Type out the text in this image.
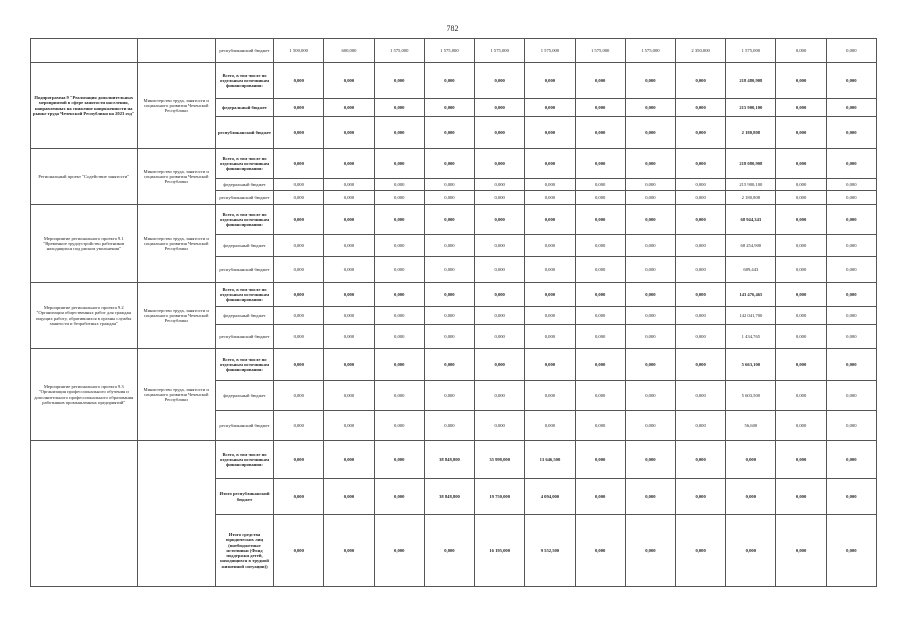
782
		республиканский бюджет	1 500,000	600,000	1 575,000	1 575,000	1 575,000	1 575,000	1 575,000	1 575,000	2 350,000	1 575,000	0,000	0,000
Подпрограмма 9 "Реализация дополнительных мероприятий в сфере занятости населения, направленных на снижение напряженности на рынке труда Чеченской Республики на 2023 год"	Министерство труда, занятости и социального развития Чеченской Республики	Всего, в том числе по отдельным источникам финансирования:	0,000	0,000	0,000	0,000	0,000	0,000	0,000	0,000	0,000	218 480,908	0,000	0,000
		федеральный бюджет	0,000	0,000	0,000	0,000	0,000	0,000	0,000	0,000	0,000	215 900,100	0,000	0,000
		республиканский бюджет	0,000	0,000	0,000	0,000	0,000	0,000	0,000	0,000	0,000	2 180,808	0,000	0,000
Региональный проект "Содействие занятости"	Министерство труда, занятости и социального развития Чеченской Республики	Всего, в том числе по отдельным источникам финансирования:	0,000	0,000	0,000	0,000	0,000	0,000	0,000	0,000	0,000	218 080,908	0,000	0,000
		федеральный бюджет	0,000	0,000	0,000	0,000	0,000	0,000	0,000	0,000	0,000	215 900,100	0,000	0,000
		республиканский бюджет	0,000	0,000	0,000	0,000	0,000	0,000	0,000	0,000	0,000	2 180,808	0,000	0,000
Мероприятие регионального проекта 9.1 "Временное трудоустройство работников находящихся под риском увольнения"	Министерство труда, занятости и социального развития Чеченской Республики	Всего, в том числе по отдельным источникам финансирования:	0,000	0,000	0,000	0,000	0,000	0,000	0,000	0,000	0,000	68 944,343	0,000	0,000
		федеральный бюджет	0,000	0,000	0,000	0,000	0,000	0,000	0,000	0,000	0,000	68 254,900	0,000	0,000
		республиканский бюджет	0,000	0,000	0,000	0,000	0,000	0,000	0,000	0,000	0,000	689,443	0,000	0,000
Мероприятие регионального проекта 9.2 "Организация общественных работ для граждан ищущих работу, обратившихся в органы службы занятости и безработных граждан"	Министерство труда, занятости и социального развития Чеченской Республики	Всего, в том числе по отдельным источникам финансирования:	0,000	0,000	0,000	0,000	0,000	0,000	0,000	0,000	0,000	143 476,465	0,000	0,000
		федеральный бюджет	0,000	0,000	0,000	0,000	0,000	0,000	0,000	0,000	0,000	142 041,700	0,000	0,000
		республиканский бюджет	0,000	0,000	0,000	0,000	0,000	0,000	0,000	0,000	0,000	1 434,765	0,000	0,000
Мероприятие регионального проекта 9.3 "Организация профессионального обучения и дополнительного профессионального образования работников промышленных предприятий"	Министерство труда, занятости и социального развития Чеченской Республики	Всего, в том числе по отдельным источникам финансирования:	0,000	0,000	0,000	0,000	0,000	0,000	0,000	0,000	0,000	5 663,100	0,000	0,000
		федеральный бюджет	0,000	0,000	0,000	0,000	0,000	0,000	0,000	0,000	0,000	5 603,500	0,000	0,000
		республиканский бюджет	0,000	0,000	0,000	0,000	0,000	0,000	0,000	0,000	0,000	56,600	0,000	0,000
		Всего, в том числе по отдельным источникам финансирования:	0,000	0,000	0,000	38 848,800	35 998,000	13 646,500	0,000	0,000	0,000	0,000	0,000	0,000
		Итого республиканский бюджет	0,000	0,000	0,000	38 848,800	19 750,000	4 094,000	0,000	0,000	0,000	0,000	0,000	0,000
		Итого средства юридических лиц (внебюджетные источники (Фонд поддержки детей, находящихся в трудной жизненной ситуации))	0,000	0,000	0,000	0,000	16 195,000	9 552,500	0,000	0,000	0,000	0,000	0,000	0,000
